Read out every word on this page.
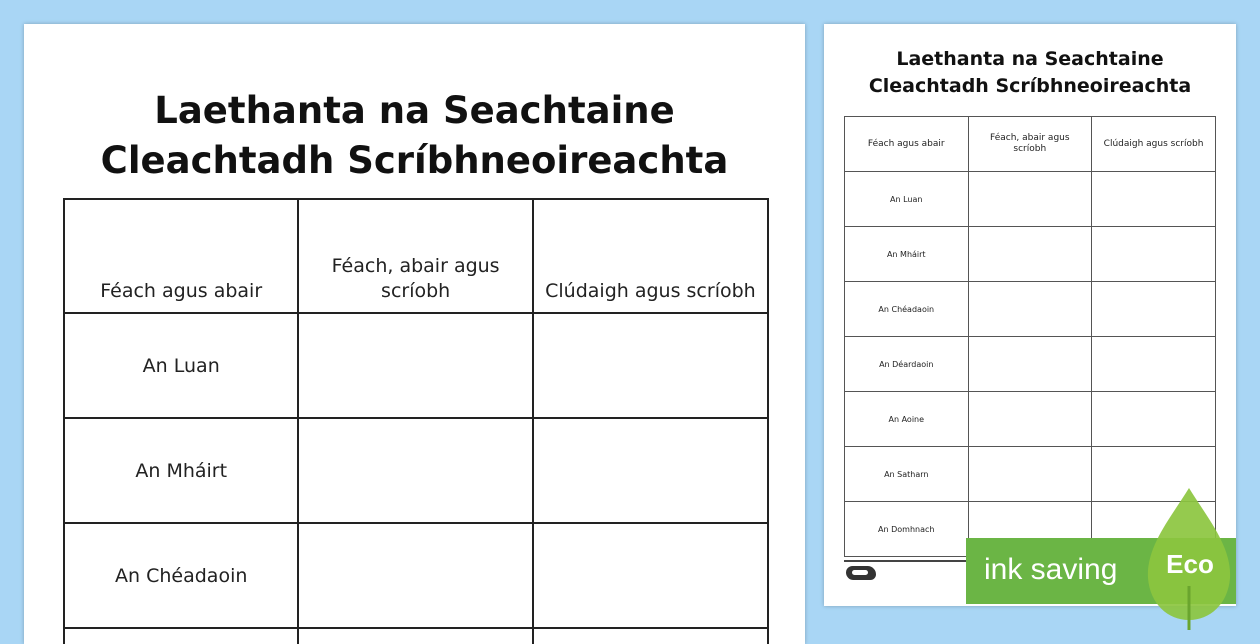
Laethanta na Seachtaine
Cleachtadh Scríbhneoireachta
Féach agus abair	Féach, abair agus scríobh	Clúdaigh agus scríobh
An Luan		
An Mháirt		
An Chéadaoin		

Laethanta na Seachtaine
Cleachtadh Scríbhneoireachta
Féach agus abair	Féach, abair agus scríobh	Clúdaigh agus scríobh
An Luan		
An Mháirt		
An Chéadaoin		
An Déardaoin		
An Aoine		
An Satharn		
An Domhnach		
ink saving Eco
